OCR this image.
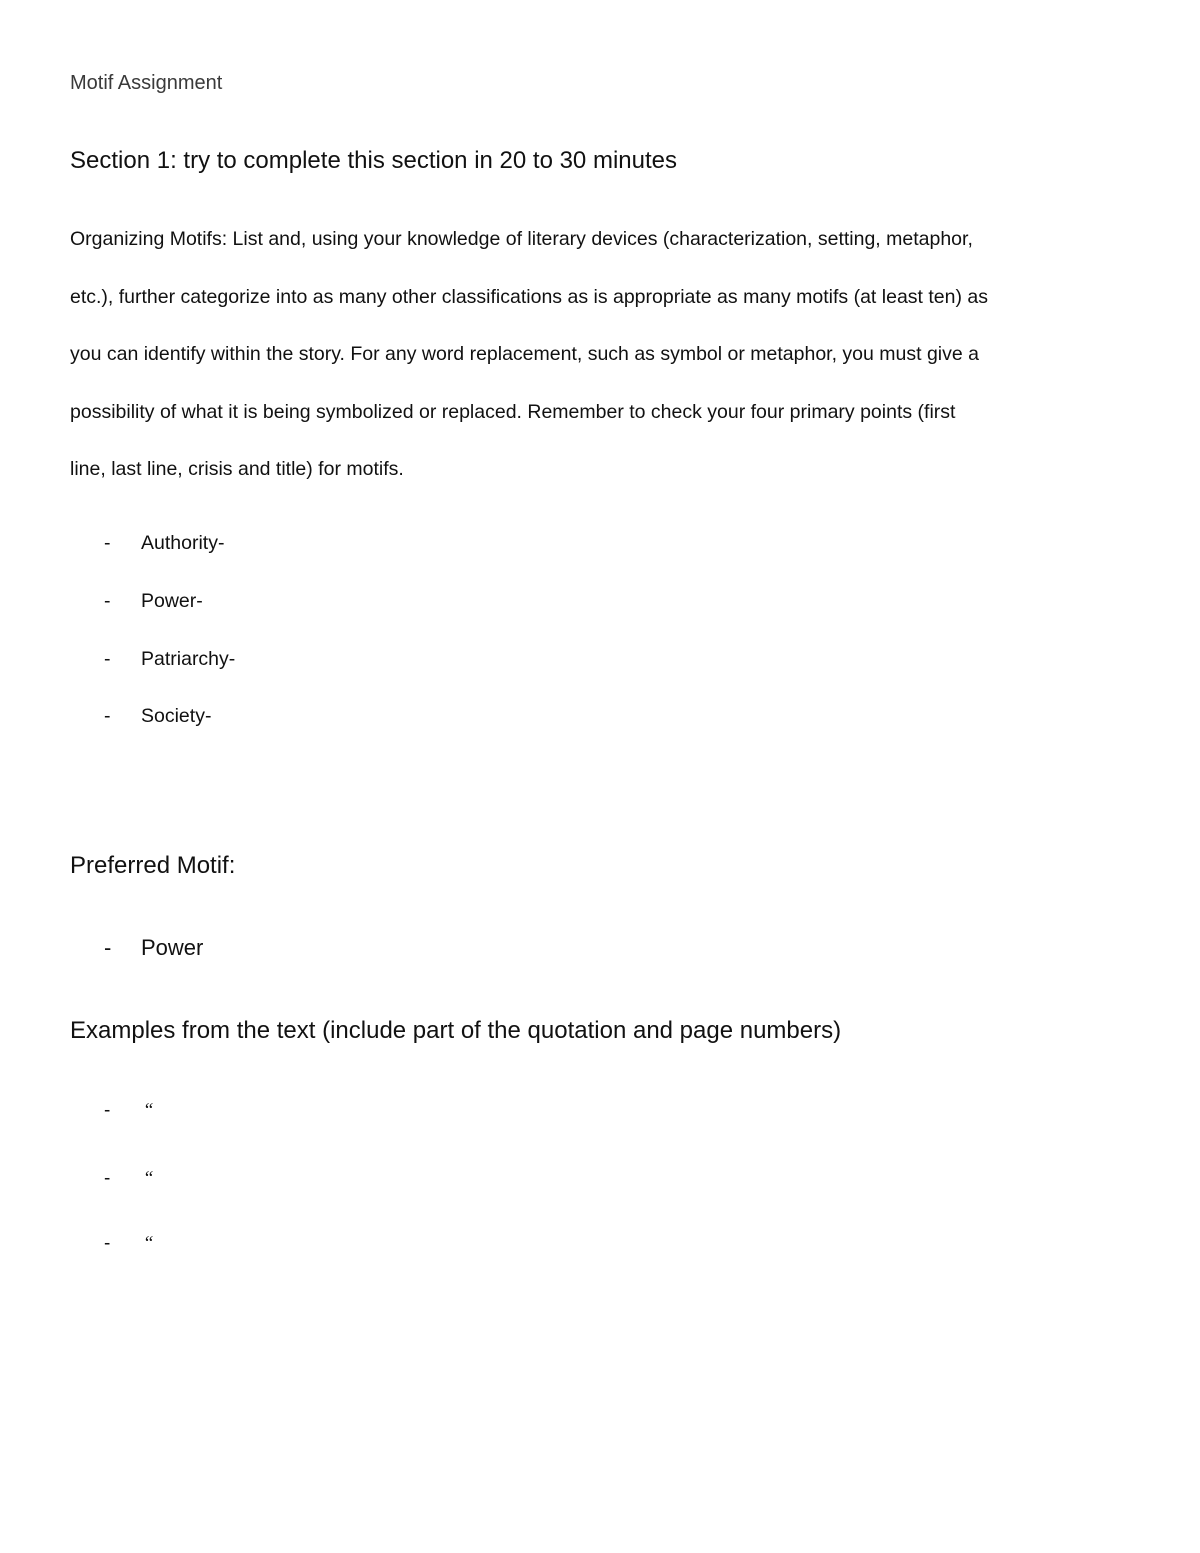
Motif Assignment
Section 1: try to complete this section in 20 to 30 minutes
Organizing Motifs: List and, using your knowledge of literary devices (characterization, setting, metaphor,
etc.), further categorize into as many other classifications as is appropriate as many motifs (at least ten) as
you can identify within the story. For any word replacement, such as symbol or metaphor, you must give a
possibility of what it is being symbolized or replaced. Remember to check your four primary points (first
line, last line, crisis and title) for motifs.
- Authority-
- Power-
- Patriarchy-
- Society-
Preferred Motif:
- Power
Examples from the text (include part of the quotation and page numbers)
- “
- “
- “
